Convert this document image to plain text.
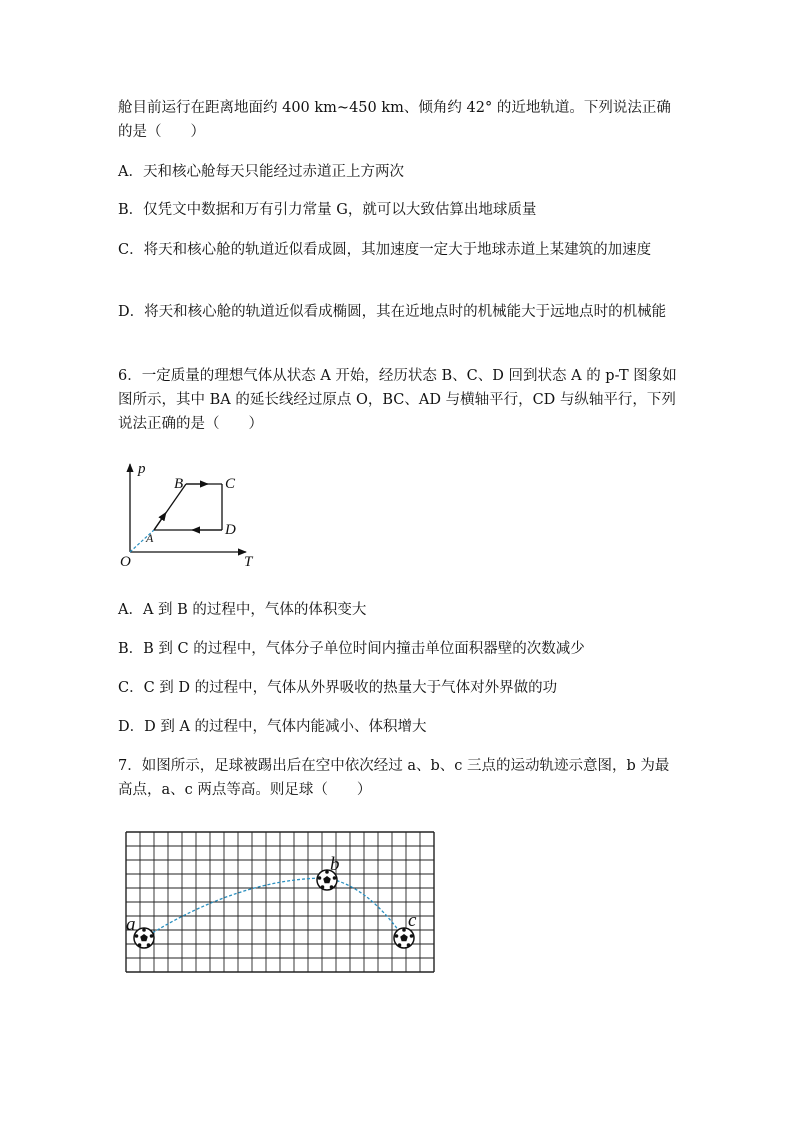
舱目前运行在距离地面约 400 km~450 km、倾角约 42° 的近地轨道。下列说法正确的是（　　）

A．天和核心舱每天只能经过赤道正上方两次

B．仅凭文中数据和万有引力常量 G，就可以大致估算出地球质量

C．将天和核心舱的轨道近似看成圆，其加速度一定大于地球赤道上某建筑的加速度

D．将天和核心舱的轨道近似看成椭圆，其在近地点时的机械能大于远地点时的机械能

6．一定质量的理想气体从状态 A 开始，经历状态 B、C、D 回到状态 A 的 p-T 图象如图所示，其中 BA 的延长线经过原点 O，BC、AD 与横轴平行，CD 与纵轴平行，下列说法正确的是（　　）

p
T
O
A
B	C
D

A．A 到 B 的过程中，气体的体积变大

B．B 到 C 的过程中，气体分子单位时间内撞击单位面积器壁的次数减少

C．C 到 D 的过程中，气体从外界吸收的热量大于气体对外界做的功

D．D 到 A 的过程中，气体内能减小、体积增大

7．如图所示，足球被踢出后在空中依次经过 a、b、c 三点的运动轨迹示意图，b 为最高点，a、c 两点等高。则足球（　　）

a
b
c
